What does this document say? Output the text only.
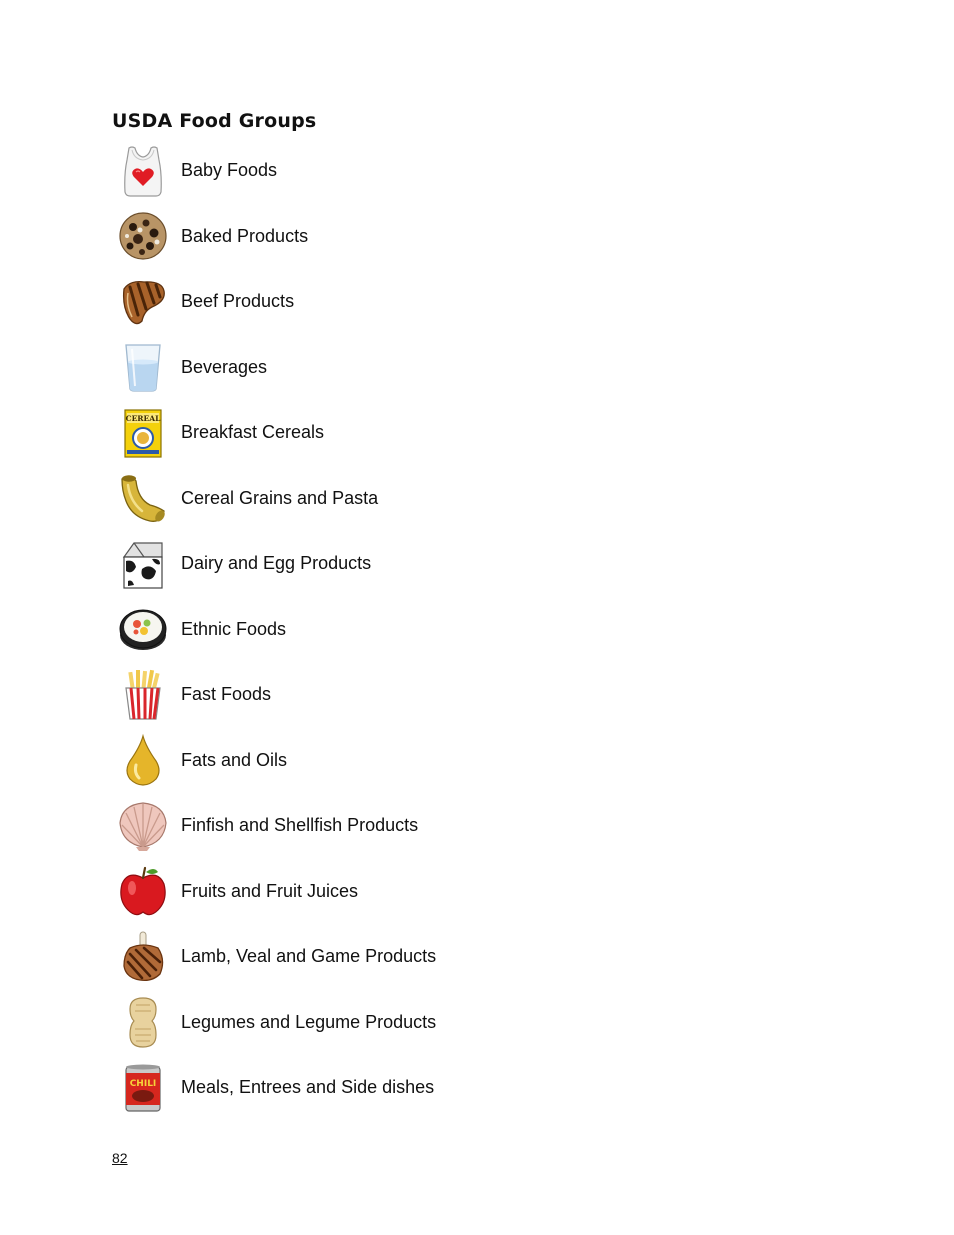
USDA Food Groups
Baby Foods
Baked Products
Beef Products
Beverages
CEREAL
Breakfast Cereals
Cereal Grains and Pasta
Dairy and Egg Products
Ethnic Foods
Fast Foods
Fats and Oils
Finfish and Shellfish Products
Fruits and Fruit Juices
Lamb, Veal and Game Products
Legumes and Legume Products
CHILI Meals, Entrees and Side dishes
82
